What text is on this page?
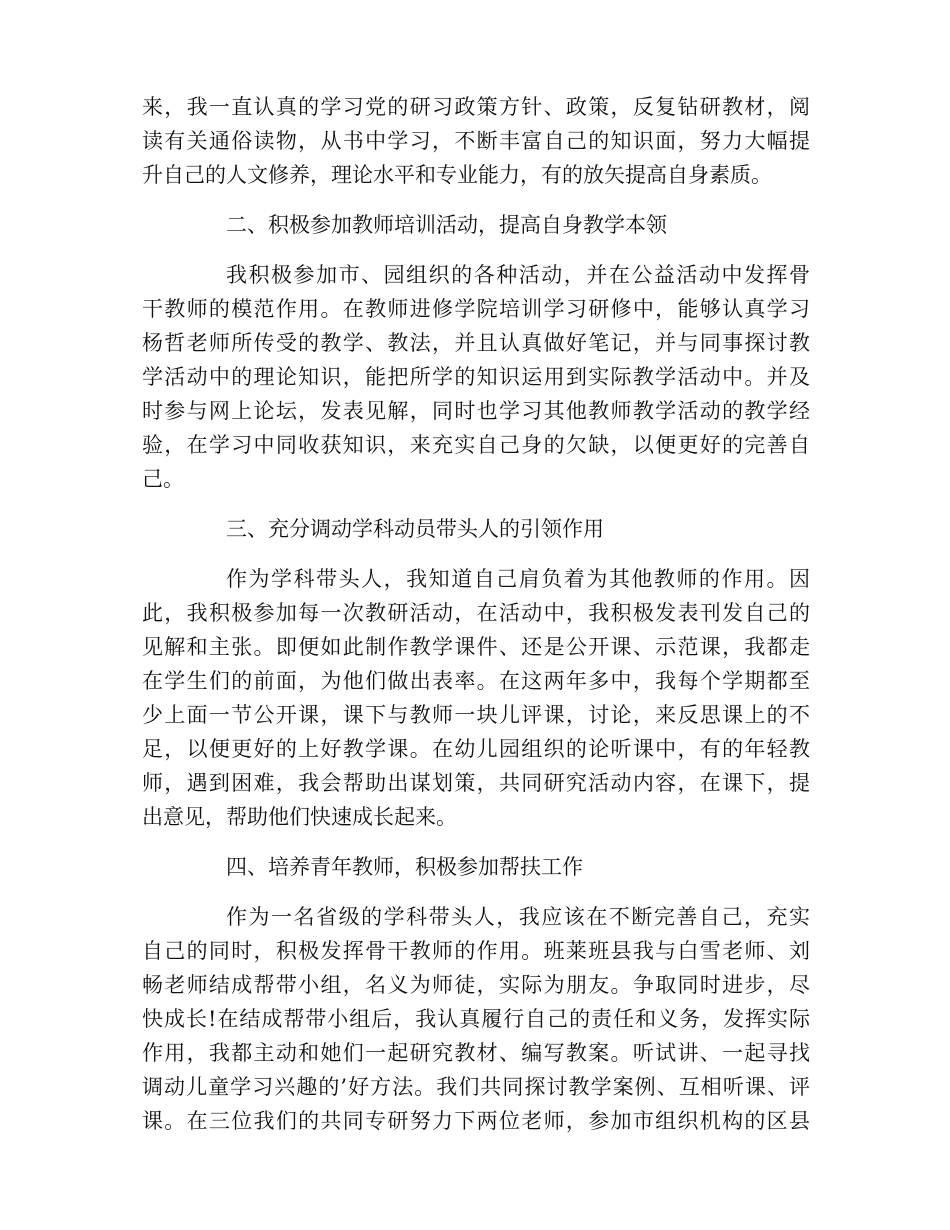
来，我一直认真的学习党的研习政策方针、政策，反复钻研教材，阅
读有关通俗读物，从书中学习，不断丰富自己的知识面，努力大幅提
升自己的人文修养，理论水平和专业能力，有的放矢提高自身素质。
二、积极参加教师培训活动，提高自身教学本领
我积极参加市、园组织的各种活动，并在公益活动中发挥骨
干教师的模范作用。在教师进修学院培训学习研修中，能够认真学习
杨哲老师所传受的教学、教法，并且认真做好笔记，并与同事探讨教
学活动中的理论知识，能把所学的知识运用到实际教学活动中。并及
时参与网上论坛，发表见解，同时也学习其他教师教学活动的教学经
验，在学习中同收获知识，来充实自己身的欠缺，以便更好的完善自
己。
三、充分调动学科动员带头人的引领作用
作为学科带头人，我知道自己肩负着为其他教师的作用。因
此，我积极参加每一次教研活动，在活动中，我积极发表刊发自己的
见解和主张。即便如此制作教学课件、还是公开课、示范课，我都走
在学生们的前面，为他们做出表率。在这两年多中，我每个学期都至
少上面一节公开课，课下与教师一块儿评课，讨论，来反思课上的不
足，以便更好的上好教学课。在幼儿园组织的论听课中，有的年轻教
师，遇到困难，我会帮助出谋划策，共同研究活动内容，在课下，提
出意见，帮助他们快速成长起来。
四、培养青年教师，积极参加帮扶工作
作为一名省级的学科带头人，我应该在不断完善自己，充实
自己的同时，积极发挥骨干教师的作用。班莱班县我与白雪老师、刘
畅老师结成帮带小组，名义为师徒，实际为朋友。争取同时进步，尽
快成长!在结成帮带小组后，我认真履行自己的责任和义务，发挥实际
作用，我都主动和她们一起研究教材、编写教案。听试讲、一起寻找
调动儿童学习兴趣的’好方法。我们共同探讨教学案例、互相听课、评
课。在三位我们的共同专研努力下两位老师，参加市组织机构的区县
